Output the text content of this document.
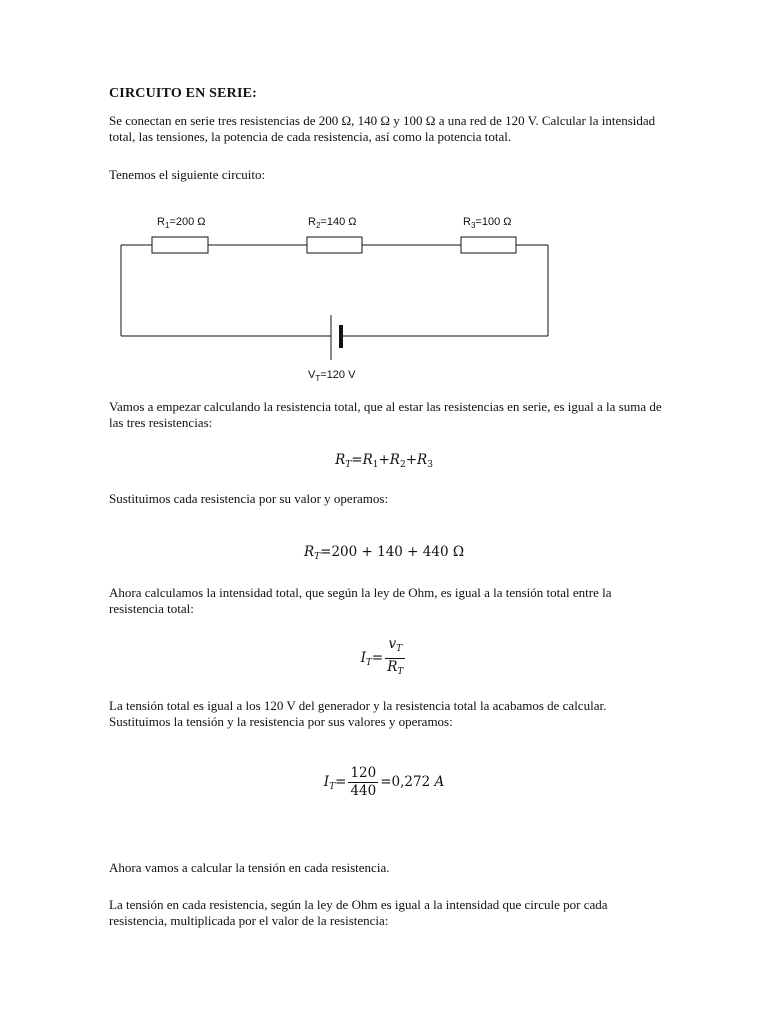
CIRCUITO EN SERIE:

Se conectan en serie tres resistencias de 200 Ω, 140 Ω y 100 Ω a una red de 120 V. Calcular la intensidad total, las tensiones, la potencia de cada resistencia, así como la potencia total.

Tenemos el siguiente circuito:

$R_1=200$ Ω	$R_2=140$ Ω	$R_3=100$ Ω
$V_T=120$ V

Vamos a empezar calculando la resistencia total, que al estar las resistencias en serie, es igual a la suma de las tres resistencias:

$R_T=R_1+R_2+R_3$

Sustituimos cada resistencia por su valor y operamos:

$R_T=200 + 140 + 440$ Ω

Ahora calculamos la intensidad total, que según la ley de Ohm, es igual a la tensión total entre la resistencia total:

$I_T= \frac{v_T}{R_T}$

La tensión total es igual a los 120 V del generador y la resistencia total la acabamos de calcular. Sustituimos la tensión y la resistencia por sus valores y operamos:

$I_T= \frac{120}{440} =0,272$ A

Ahora vamos a calcular la tensión en cada resistencia.

La tensión en cada resistencia, según la ley de Ohm es igual a la intensidad que circule por cada resistencia, multiplicada por el valor de la resistencia:
